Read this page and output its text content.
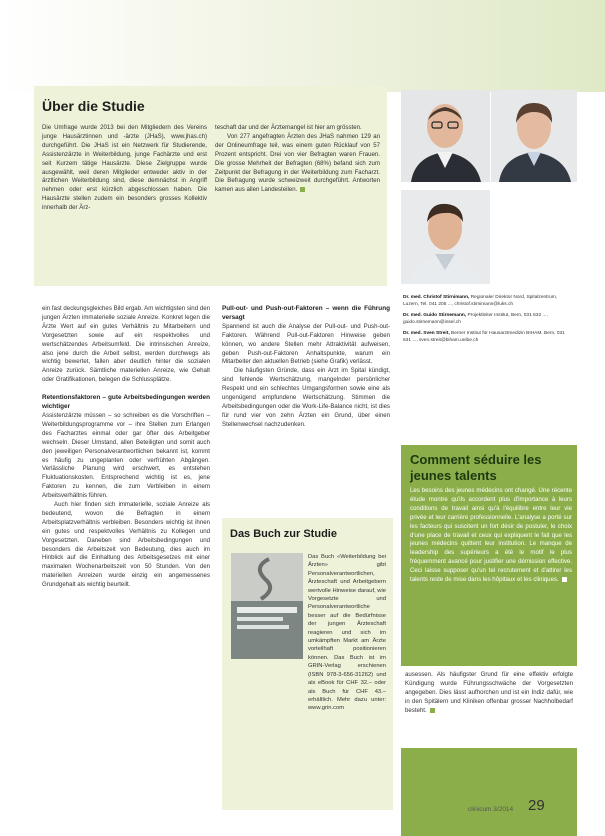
Über die Studie

Die Umfrage wurde 2013 bei den Mitgliedern des Vereins junge Hausärztinnen und -ärzte (JHaS), www.jhas.ch) durchgeführt. Die JHaS ist ein Netzwerk für Studierende, Assistenzärzte in Weiterbildung, junge Fachärzte und erst seit Kurzem tätige Hausärzte. Diese Zielgruppe wurde ausgewählt, weil deren Mitglieder entweder aktiv in der ärztlichen Weiterbildung sind, diese demnächst in Angriff nehmen oder erst kürzlich abgeschlossen haben. Die Hausärzte stellen zudem ein besonders grosses Kollektiv innerhalb der Ärz-

teschaft dar und der Ärztemangel ist hier am grössten.

Von 277 angefragten Ärzten des JHaS nahmen 129 an der Onlineumfrage teil, was einem guten Rücklauf von 57 Prozent entspricht. Drei von vier Befragten waren Frauen. Die grosse Mehrheit der Befragten (68%) befand sich zum Zeitpunkt der Befragung in der Weiterbildung zum Facharzt. Die Befragung wurde schweizweit durchgeführt. Antworten kamen aus allen Landesteilen.

Dr. med. Christof Stirnimann, Regionaler Direktor Nord, Spitalzentrum, Luzern, Tel. 041 205 ..., christof.stirnimann@luks.ch
Dr. med. Guido Stirnemann, Projektleiter Institut, Bern, 031 632 ..., guido.stirnemann@insel.ch
Dr. med. Sven Streit, Berner Institut für Hausarztmedizin BIHAM, Bern, 031 631 ..., sven.streit@biham.unibe.ch

ein fast deckungsgleiches Bild ergab. Am wichtigsten sind den jungen Ärzten immaterielle soziale Anreize. Konkret legen die Ärzte Wert auf ein gutes Verhältnis zu Mitarbeitern und Vorgesetzten sowie auf ein respektvolles und wertschätzendes Arbeitsumfeld. Die intrinsischen Anreize, also jene durch die Arbeit selbst, werden durchwegs als wichtig bewertet, fallen aber deutlich hinter die sozialen Anreize zurück. Sämtliche materiellen Anreize, wie Gehalt oder Gratifikationen, belegen die Schlussplätze.

Retentionsfaktoren – gute Arbeitsbedingungen werden wichtiger

Assistenzärzte müssen – so schreiben es die Vorschriften – Weiterbildungsprogramme vor – ihre Stellen zum Erlangen des Facharztes einmal oder gar öfter des Arbeitgeber wechseln. Dieser Umstand, allen Beteiligten und somit auch den jeweiligen Personalverantwortlichen bekannt ist, kommt es häufig zu ungeplanten oder verfrühten Abgängen. Verlässliche Planung wird erschwert, es entstehen Fluktuationskosten. Entsprechend wichtig ist es, jene Faktoren zu kennen, die zum Verbleiben in einem Arbeitsverhältnis führen.

Auch hier finden sich immaterielle, soziale Anreize als bedeutend, wovon die Befragten in einem Arbeitsplatzverhältnis verbleiben. Besonders wichtig ist ihnen ein gutes und respektvolles Verhältnis zu Kollegen und Vorgesetzten. Daneben sind Arbeitsbedingungen und besonders die Arbeitszeit von Bedeutung, dies auch im Hinblick auf die Einhaltung des Arbeitsgesetzes mit einer maximalen Wochenarbeitszeit von 50 Stunden. Von den materiellen Anreizen wurde einzig ein angemessenes Grundgehalt als wichtig beurteilt.

Pull-out- und Push-out-Faktoren – wenn die Führung versagt

Spannend ist auch die Analyse der Pull-out- und Push-out-Faktoren. Während Pull-out-Faktoren Hinweise geben können, wo andere Stellen mehr Attraktivität aufweisen, geben Push-out-Faktoren Anhaltspunkte, warum ein Mitarbeiter den aktuellen Betrieb (siehe Grafik) verlässt.

Die häufigsten Gründe, dass ein Arzt im Spital kündigt, sind fehlende Wertschätzung, mangelnder persönlicher Respekt und ein schlechtes Umgangsformen sowie eine als ungenügend empfundene Wertschätzung. Stimmen die Arbeitsbedingungen oder die Work-Life-Balance nicht, ist dies für rund vier von zehn Ärzten ein Grund, über einen Stellenwechsel nachzudenken.

Das Buch zur Studie

Das Buch «Weiterbildung bei Ärzten» gibt Personalverantwortlichen, Ärzteschaft und Arbeitgebern wertvolle Hinweise darauf, wie Vorgesetzte und Personalverantwortliche besser auf die Bedürfnisse der jungen Ärzteschaft reagieren und sich im umkämpften Markt am Ärzte vorteilhaft positionieren können. Das Buch ist im GRIN-Verlag erschienen (ISBN 978-3-656-31262) und als eBook für CHF 32.– oder als Buch für CHF 43.– erhältlich. Mehr dazu unter: www.grin.com

Comment séduire les jeunes talents

Les besoins des jeunes médecins ont changé. Une récente étude montre qu'ils accordent plus d'importance à leurs conditions de travail ainsi qu'à l'équilibre entre leur vie privée et leur carrière professionnelle. L'analyse a porté sur les facteurs qui suscitent un fort désir de postuler, le choix d'une place de travail et ceux qui expliquent le fait que les jeunes médecins quittent leur institution. Le manque de leadership des supérieurs a été le motif le plus fréquemment avancé pour justifier une démission effective. Ceci laisse supposer qu'un tel recrutement et d'attirer les talents reste de mise dans les hôpitaux et les cliniques.

ausessen. Als häufigster Grund für eine effektiv erfolgte Kündigung wurde Führungsschwäche der Vorgesetzten angegeben. Dies lässt aufhorchen und ist ein Indiz dafür, wie in den Spitälern und Kliniken offenbar grosser Nachholbedarf besteht.

clinicum 3/2014 29
